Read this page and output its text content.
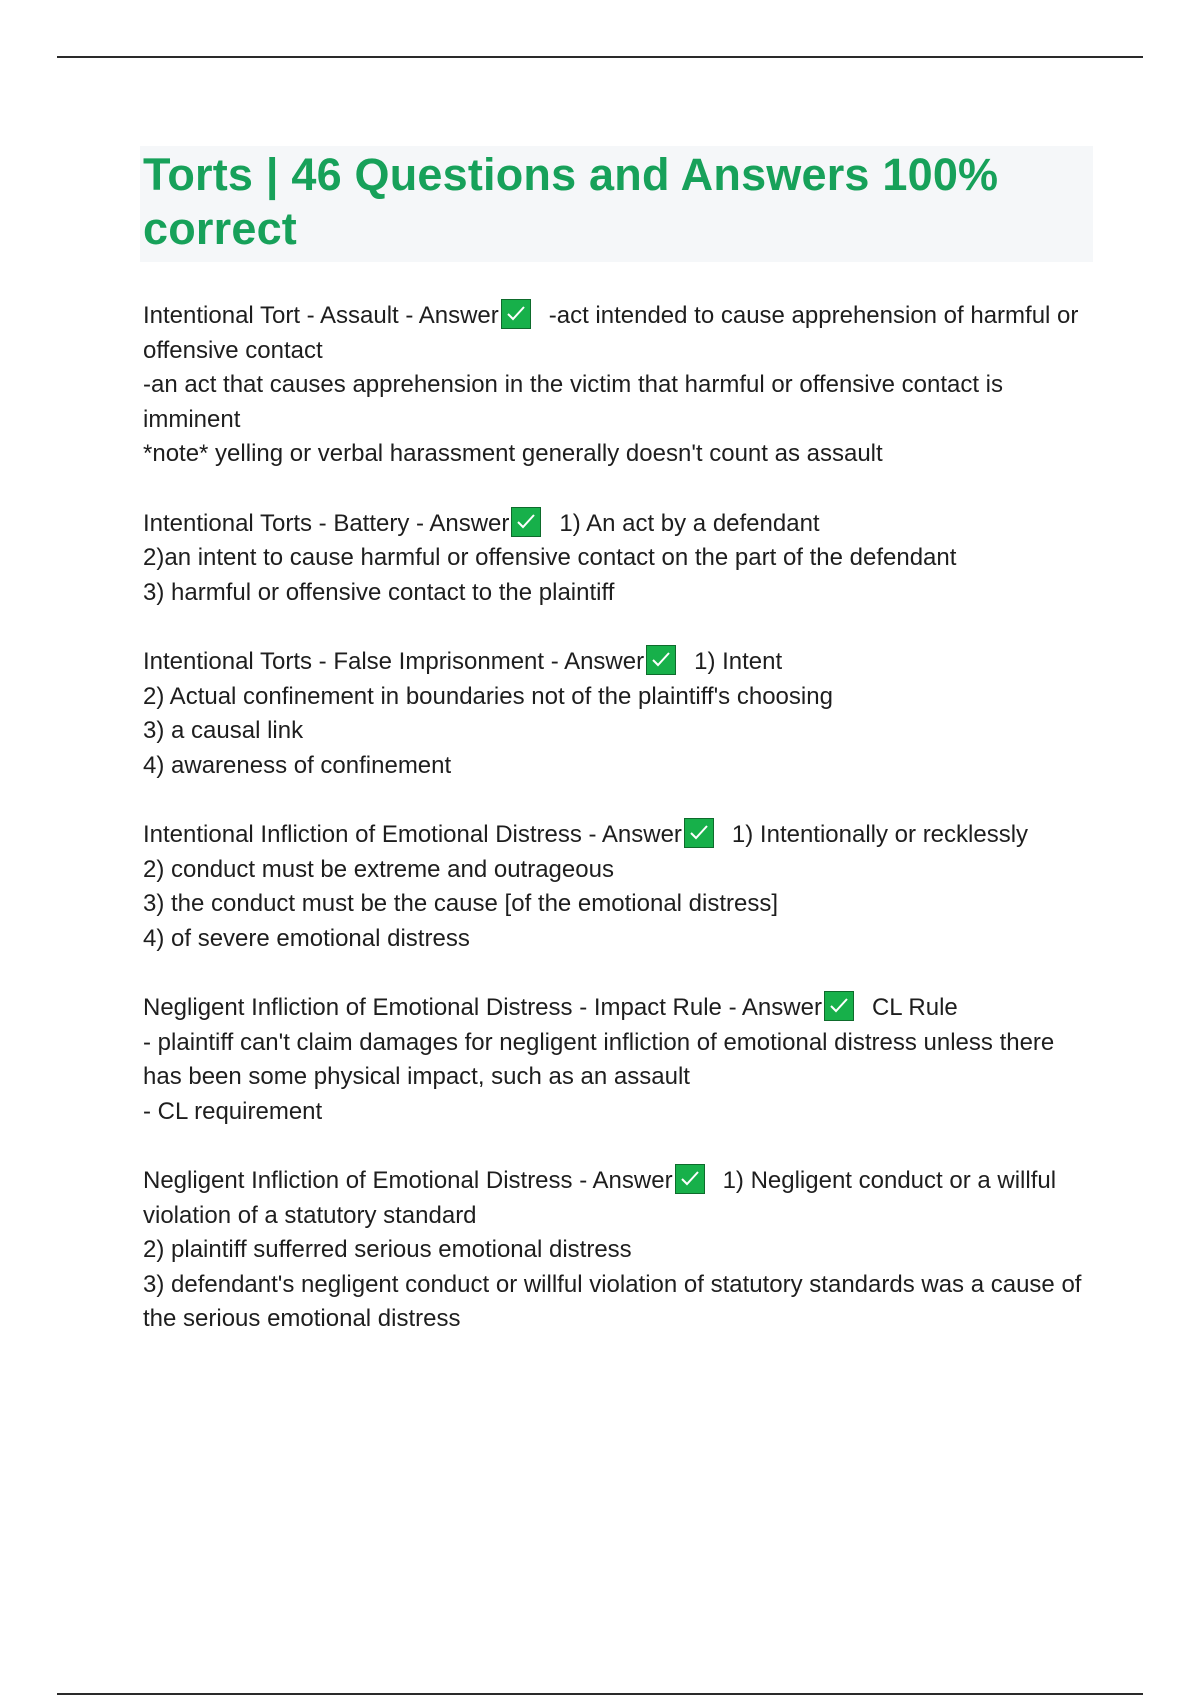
Torts | 46 Questions and Answers 100% correct
Intentional Tort - Assault - Answer -act intended to cause apprehension of harmful or offensive contact
-an act that causes apprehension in the victim that harmful or offensive contact is imminent
*note* yelling or verbal harassment generally doesn't count as assault
Intentional Torts - Battery - Answer 1) An act by a defendant
2)an intent to cause harmful or offensive contact on the part of the defendant
3) harmful or offensive contact to the plaintiff
Intentional Torts - False Imprisonment - Answer 1) Intent
2) Actual confinement in boundaries not of the plaintiff's choosing
3) a causal link
4) awareness of confinement
Intentional Infliction of Emotional Distress - Answer 1) Intentionally or recklessly
2) conduct must be extreme and outrageous
3) the conduct must be the cause [of the emotional distress]
4) of severe emotional distress
Negligent Infliction of Emotional Distress - Impact Rule - Answer CL Rule
- plaintiff can't claim damages for negligent infliction of emotional distress unless there has been some physical impact, such as an assault
- CL requirement
Negligent Infliction of Emotional Distress - Answer 1) Negligent conduct or a willful violation of a statutory standard
2) plaintiff sufferred serious emotional distress
3) defendant's negligent conduct or willful violation of statutory standards was a cause of the serious emotional distress
